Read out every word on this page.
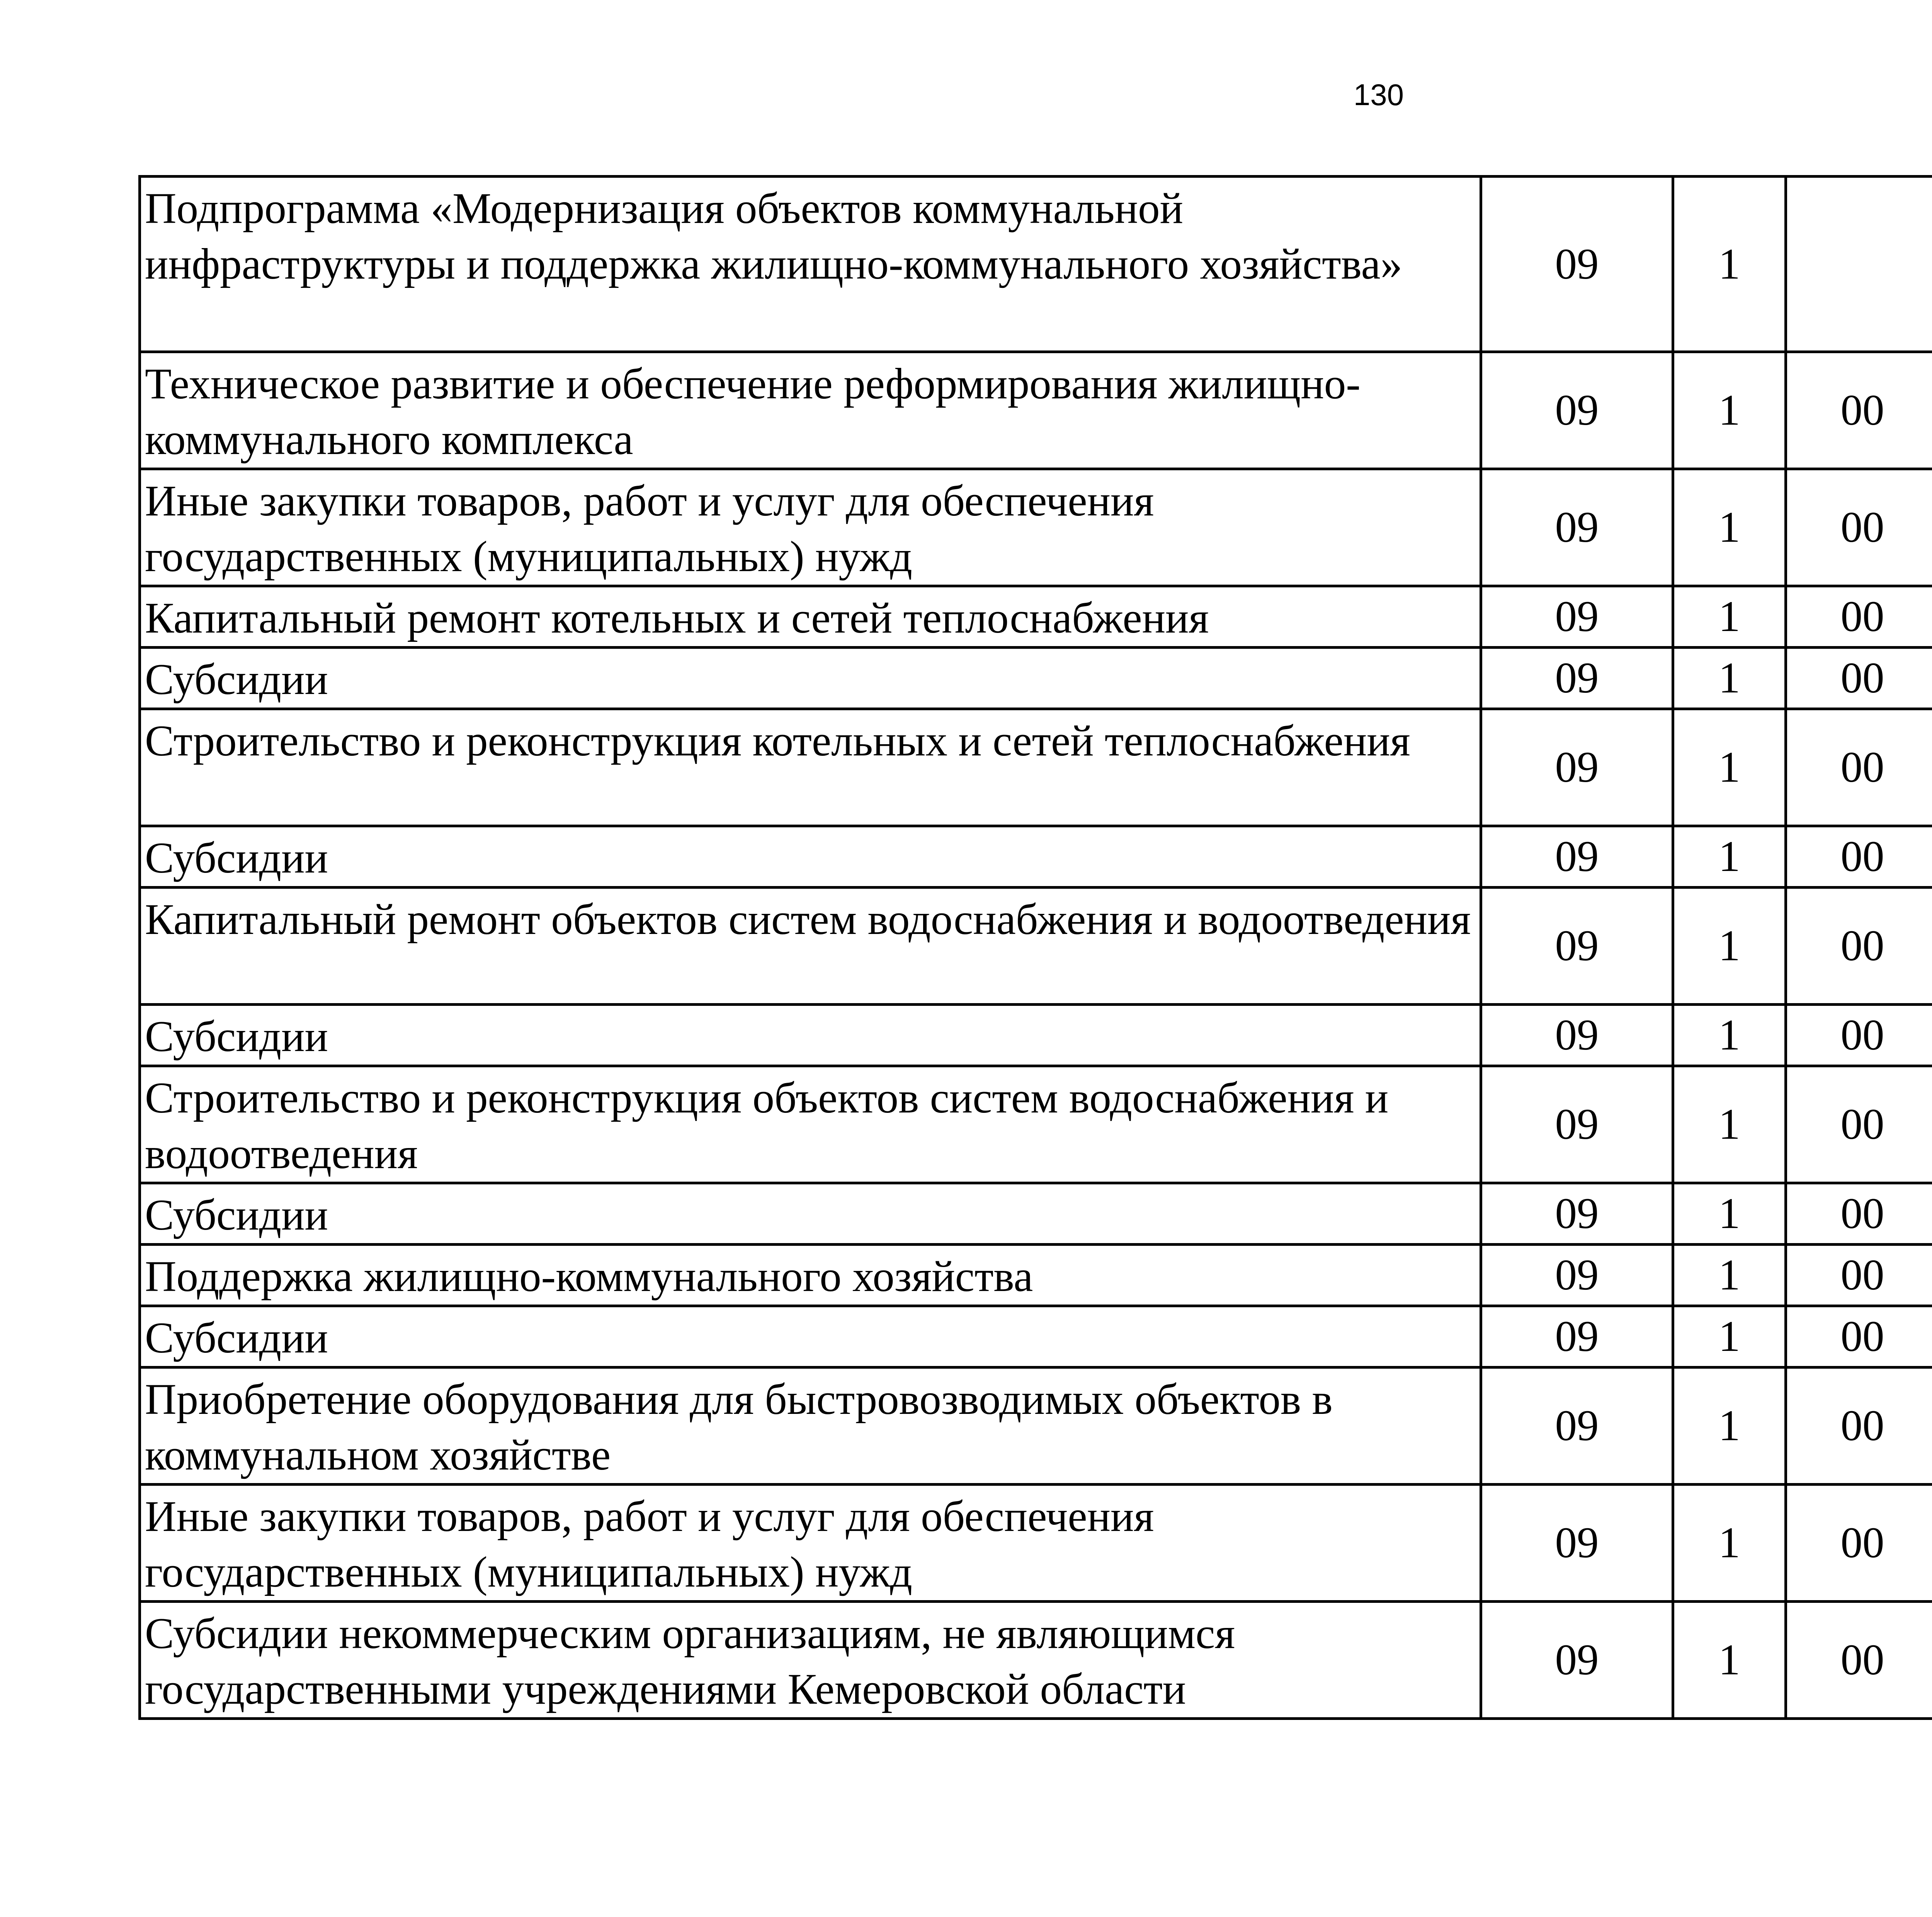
130
Подпрограмма «Модернизация объектов коммунальной инфраструктуры и поддержка жилищно-коммунального хозяйства»	09	1				
Техническое развитие и обеспечение реформирования жилищно-коммунального комплекса	09	1	00			
Иные закупки товаров, работ и услуг для обеспечения государственных (муниципальных) нужд	09	1	00			
Капитальный ремонт котельных и сетей теплоснабжения	09	1	00			
Субсидии	09	1	00			
Строительство и реконструкция котельных и сетей теплоснабжения	09	1	00			
Субсидии	09	1	00			
Капитальный ремонт объектов систем водоснабжения и водоотведения	09	1	00			
Субсидии	09	1	00			
Строительство и реконструкция объектов систем водоснабжения и водоотведения	09	1	00			
Субсидии	09	1	00			
Поддержка жилищно-коммунального хозяйства	09	1	00			
Субсидии	09	1	00			
Приобретение оборудования для быстровозводимых объектов в коммунальном хозяйстве	09	1	00			
Иные закупки товаров, работ и услуг для обеспечения государственных (муниципальных) нужд	09	1	00			
Субсидии некоммерческим организациям, не являющимся государственными учреждениями Кемеровской области	09	1	00			
